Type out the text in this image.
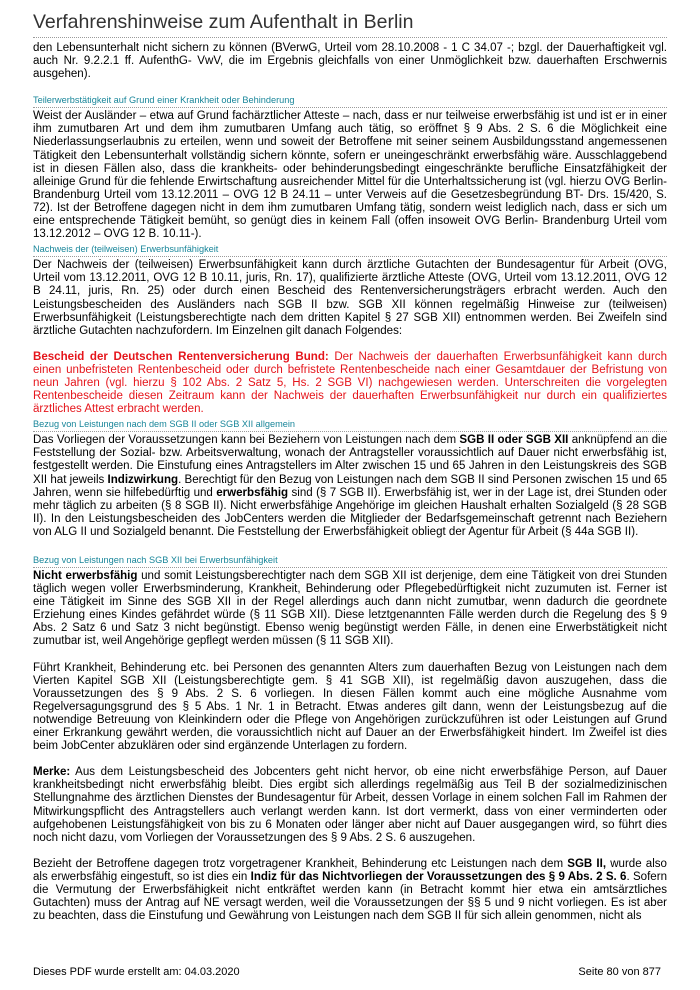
Verfahrenshinweise zum Aufenthalt in Berlin

den Lebensunterhalt nicht sichern zu können (BVerwG, Urteil vom 28.10.2008 - 1 C 34.07 -; bzgl. der Dauerhaftigkeit vgl. auch Nr. 9.2.2.1 ff. AufenthG- VwV, die im Ergebnis gleichfalls von einer Unmöglichkeit bzw. dauerhaften Erschwernis ausgehen).

Teilerwerbstätigkeit auf Grund einer Krankheit oder Behinderung

Weist der Ausländer – etwa auf Grund fachärztlicher Atteste – nach, dass er nur teilweise erwerbsfähig ist und ist er in einer ihm zumutbaren Art und dem ihm zumutbaren Umfang auch tätig, so eröffnet § 9 Abs. 2 S. 6 die Möglichkeit eine Niederlassungserlaubnis zu erteilen, wenn und soweit der Betroffene mit seiner seinem Ausbildungsstand angemessenen Tätigkeit den Lebensunterhalt vollständig sichern könnte, sofern er uneingeschränkt erwerbsfähig wäre. Ausschlaggebend ist in diesen Fällen also, dass die krankheits- oder behinderungsbedingt eingeschränkte berufliche Einsatzfähigkeit der alleinige Grund für die fehlende Erwirtschaftung ausreichender Mittel für die Unterhaltssicherung ist (vgl. hierzu OVG Berlin-Brandenburg Urteil vom 13.12.2011 – OVG 12 B 24.11 – unter Verweis auf die Gesetzesbegründung BT- Drs. 15/420, S. 72). Ist der Betroffene dagegen nicht in dem ihm zumutbaren Umfang tätig, sondern weist lediglich nach, dass er sich um eine entsprechende Tätigkeit bemüht, so genügt dies in keinem Fall (offen insoweit OVG Berlin- Brandenburg Urteil vom 13.12.2012 – OVG 12 B. 10.11-).

Nachweis der (teilweisen) Erwerbsunfähigkeit

Der Nachweis der (teilweisen) Erwerbsunfähigkeit kann durch ärztliche Gutachten der Bundesagentur für Arbeit (OVG, Urteil vom 13.12.2011, OVG 12 B 10.11, juris, Rn. 17), qualifizierte ärztliche Atteste (OVG, Urteil vom 13.12.2011, OVG 12 B 24.11, juris, Rn. 25) oder durch einen Bescheid des Rentenversicherungsträgers erbracht werden. Auch den Leistungsbescheiden des Ausländers nach SGB II bzw. SGB XII können regelmäßig Hinweise zur (teilweisen) Erwerbsunfähigkeit (Leistungsberechtigte nach dem dritten Kapitel § 27 SGB XII) entnommen werden. Bei Zweifeln sind ärztliche Gutachten nachzufordern. Im Einzelnen gilt danach Folgendes:

Bescheid der Deutschen Rentenversicherung Bund: Der Nachweis der dauerhaften Erwerbsunfähigkeit kann durch einen unbefristeten Rentenbescheid oder durch befristete Rentenbescheide nach einer Gesamtdauer der Befristung von neun Jahren (vgl. hierzu § 102 Abs. 2 Satz 5, Hs. 2 SGB VI) nachgewiesen werden. Unterschreiten die vorgelegten Rentenbescheide diesen Zeitraum kann der Nachweis der dauerhaften Erwerbsunfähigkeit nur durch ein qualifiziertes ärztliches Attest erbracht werden.

Bezug von Leistungen nach dem SGB II oder SGB XII allgemein

Das Vorliegen der Voraussetzungen kann bei Beziehern von Leistungen nach dem SGB II oder SGB XII anknüpfend an die Feststellung der Sozial- bzw. Arbeitsverwaltung, wonach der Antragsteller voraussichtlich auf Dauer nicht erwerbsfähig ist, festgestellt werden. Die Einstufung eines Antragstellers im Alter zwischen 15 und 65 Jahren in den Leistungskreis des SGB XII hat jeweils Indizwirkung. Berechtigt für den Bezug von Leistungen nach dem SGB II sind Personen zwischen 15 und 65 Jahren, wenn sie hilfebedürftig und erwerbsfähig sind (§ 7 SGB II). Erwerbsfähig ist, wer in der Lage ist, drei Stunden oder mehr täglich zu arbeiten (§ 8 SGB II). Nicht erwerbsfähige Angehörige im gleichen Haushalt erhalten Sozialgeld (§ 28 SGB II). In den Leistungsbescheiden des JobCenters werden die Mitglieder der Bedarfsgemeinschaft getrennt nach Beziehern von ALG II und Sozialgeld benannt. Die Feststellung der Erwerbsfähigkeit obliegt der Agentur für Arbeit (§ 44a SGB II).

Bezug von Leistungen nach SGB XII bei Erwerbsunfähigkeit

Nicht erwerbsfähig und somit Leistungsberechtigter nach dem SGB XII ist derjenige, dem eine Tätigkeit von drei Stunden täglich wegen voller Erwerbsminderung, Krankheit, Behinderung oder Pflegebedürftigkeit nicht zuzumuten ist. Ferner ist eine Tätigkeit im Sinne des SGB XII in der Regel allerdings auch dann nicht zumutbar, wenn dadurch die geordnete Erziehung eines Kindes gefährdet würde (§ 11 SGB XII). Diese letztgenannten Fälle werden durch die Regelung des § 9 Abs. 2 Satz 6 und Satz 3 nicht begünstigt. Ebenso wenig begünstigt werden Fälle, in denen eine Erwerbstätigkeit nicht zumutbar ist, weil Angehörige gepflegt werden müssen (§ 11 SGB XII).

Führt Krankheit, Behinderung etc. bei Personen des genannten Alters zum dauerhaften Bezug von Leistungen nach dem Vierten Kapitel SGB XII (Leistungsberechtigte gem. § 41 SGB XII), ist regelmäßig davon auszugehen, dass die Voraussetzungen des § 9 Abs. 2 S. 6 vorliegen. In diesen Fällen kommt auch eine mögliche Ausnahme vom Regelversagungsgrund des § 5 Abs. 1 Nr. 1 in Betracht. Etwas anderes gilt dann, wenn der Leistungsbezug auf die notwendige Betreuung von Kleinkindern oder die Pflege von Angehörigen zurückzuführen ist oder Leistungen auf Grund einer Erkrankung gewährt werden, die voraussichtlich nicht auf Dauer an der Erwerbsfähigkeit hindert. Im Zweifel ist dies beim JobCenter abzuklären oder sind ergänzende Unterlagen zu fordern.

Merke: Aus dem Leistungsbescheid des Jobcenters geht nicht hervor, ob eine nicht erwerbsfähige Person, auf Dauer krankheitsbedingt nicht erwerbsfähig bleibt. Dies ergibt sich allerdings regelmäßig aus Teil B der sozialmedizinischen Stellungnahme des ärztlichen Dienstes der Bundesagentur für Arbeit, dessen Vorlage in einem solchen Fall im Rahmen der Mitwirkungspflicht des Antragstellers auch verlangt werden kann. Ist dort vermerkt, dass von einer verminderten oder aufgehobenen Leistungsfähigkeit von bis zu 6 Monaten oder länger aber nicht auf Dauer ausgegangen wird, so führt dies noch nicht dazu, vom Vorliegen der Voraussetzungen des § 9 Abs. 2 S. 6 auszugehen.

Bezieht der Betroffene dagegen trotz vorgetragener Krankheit, Behinderung etc Leistungen nach dem SGB II, wurde also als erwerbsfähig eingestuft, so ist dies ein Indiz für das Nichtvorliegen der Voraussetzungen des § 9 Abs. 2 S. 6. Sofern die Vermutung der Erwerbsfähigkeit nicht entkräftet werden kann (in Betracht kommt hier etwa ein amtsärztliches Gutachten) muss der Antrag auf NE versagt werden, weil die Voraussetzungen der §§ 5 und 9 nicht vorliegen. Es ist aber zu beachten, dass die Einstufung und Gewährung von Leistungen nach dem SGB II für sich allein genommen, nicht als

Dieses PDF wurde erstellt am: 04.03.2020	Seite 80 von 877
